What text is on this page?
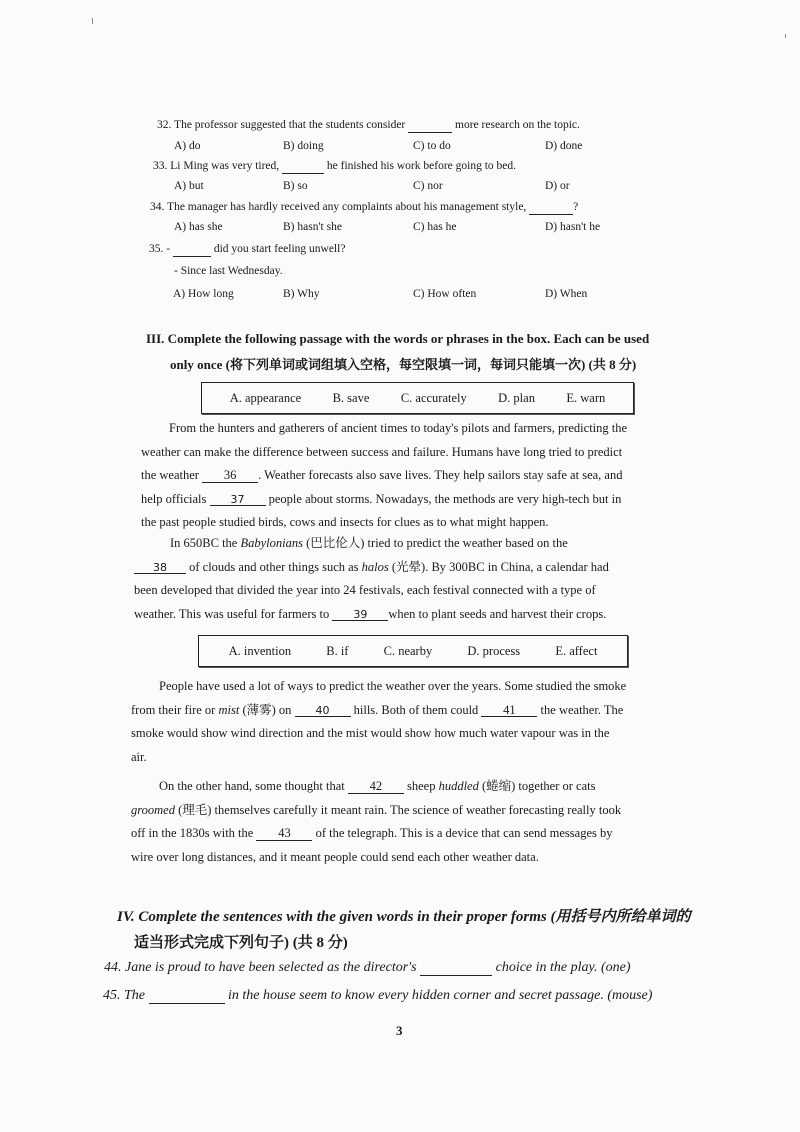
32. The professor suggested that the students consider	more research on the topic.
A) do	B) doing	C) to do	D) done
33. Li Ming was very tired,	he finished his work before going to bed.
A) but	B) so	C) nor	D) or
34. The manager has hardly received any complaints about his management style,	?
A) has she	B) hasn't she	C) has he	D) hasn't he
35. -	did you start feeling unwell?
- Since last Wednesday.
A) How long	B) Why	C) How often	D) When
III. Complete the following passage with the words or phrases in the box. Each can be used
only once (将下列单词或词组填入空格，每空限填一词，每词只能填一次) (共 8 分)
A. appearance	B. save	C. accurately	D. plan	E. warn
From the hunters and gatherers of ancient times to today's pilots and farmers, predicting the
weather can make the difference between success and failure. Humans have long tried to predict
the weather 36 . Weather forecasts also save lives. They help sailors stay safe at sea, and
help officials 37 people about storms. Nowadays, the methods are very high-tech but in
the past people studied birds, cows and insects for clues as to what might happen.
In 650BC the Babylonians (巴比伦人) tried to predict the weather based on the
38 of clouds and other things such as halos (光晕). By 300BC in China, a calendar had
been developed that divided the year into 24 festivals, each festival connected with a type of
weather. This was useful for farmers to 39 when to plant seeds and harvest their crops.
A. invention	B. if	C. nearby	D. process	E. affect
People have used a lot of ways to predict the weather over the years. Some studied the smoke
from their fire or mist (薄雾) on 40 hills. Both of them could 41 the weather. The
smoke would show wind direction and the mist would show how much water vapour was in the
air.
On the other hand, some thought that 42 sheep huddled (蜷缩) together or cats
groomed (理毛) themselves carefully it meant rain. The science of weather forecasting really took
off in the 1830s with the 43 of the telegraph. This is a device that can send messages by
wire over long distances, and it meant people could send each other weather data.
IV. Complete the sentences with the given words in their proper forms (用括号内所给单词的
适当形式完成下列句子) (共 8 分)
44. Jane is proud to have been selected as the director's	choice in the play. (one)
45. The	in the house seem to know every hidden corner and secret passage. (mouse)
3
